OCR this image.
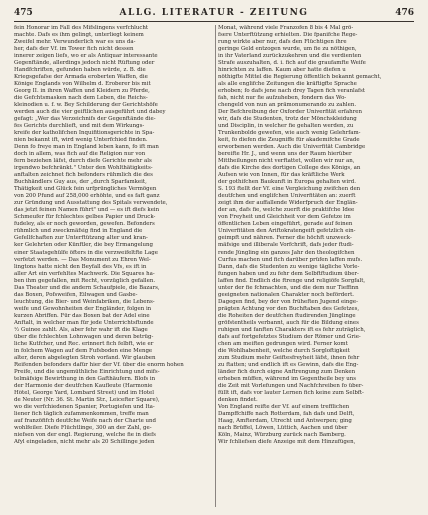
475	ALLG. LITERATUR - ZEITUNG	476
fein Honorar im Fall des Mifslingens verfchlucht
machte. Dafs es ihm gelingt, unterliegt keinem
Zweifel mehr. Verwunderlich war es uns da-
her, dafs der Vf. im Tower fich nicht dessen
innerer zeigen liefs, wo er als Antiquar interessante
Gegenftände, allerdings jedoch nicht Rüftung oder
Handfchriften, gefunden haben würde, z. B. die
Kriegsgefafse der Armada eroberten Waffen, die
Könige Englands von Wilhelm d. Eroberer bis mit
Georg II. in ihren Waffen und Kleidern zu Pferde,
die Gefchtsmasken nach dem Leben, die Reichs-
kleinodien u. f. w. Bey Schilderung der Gerichtshöfe
werden auch die vier geiftlichen ausgeführt und dabey
gefagt: „Wer das Verzeichnifs der Gegenftände die-
fes Gerichts durchlieft, und mit dem Wirkungs-
kreife der katholifchen Inquifitionsgerichte in Spa-
nien bekannt ift, wird wenig Unterfchied finden.
Denn fo freye man in England leben kann, fo ift man
doch in allem, was fich auf die Religion nur von
fern beziehen läfst, durch diefe Gerichte mehr als
irgendwo befchränkt." Unter den Wohlthätigkeits-
anftalten zeichnet fich befonders rühmlich die des
Buchhändlers Guy aus, der „durch Sparfamkeit,
Thätigkeit und Glück fein urfprüngliches Vermögen
von 200 Pfund auf 258,000 erhöhte, und es faft ganz
zur Gründung und Ausstattung des Spitals verwendete,
das jetzt feinen Namen führt" und — es ift diefs kein
Schmeufer für fchlechtes gelbes Papier und Druck-
fudeley, als er noch geworden, gewefen. Befonders
rühmlich und zweckmäfsig find in England die
Gefellfchaften zur Unterftützung alter und kran-
ker Gelehrten oder Künftler, die bey Ermangelung
einer Staatsgehülfe öfters in die verzweifeltfte Lage
verfetzt werden. — Das Monument zu Ehren Wel-
lingtons hatte nicht den Beyfall des Vfs, es ift in
aller Art ein verfehltes Machwerk. Die Squares ha-
ben ihm gegefallen, mit Recht, vorzüglich gefallen.
Das Theater und die andern Schaufpiele, die Bazars,
das Boxen, Pofsweifen, Eilwagen und Gasbe-
leuchtung, die Bier- und Weinfabriken, die Lebens-
weife und Gewohnheiten der Engländer, folgen in
kurzen Abriffen. Für das Boxen bat der Adel eine
Anftalt, in welcher man für jede Unterrichtsftunde
½ Guinee zahlt. Als, aber fehr wahr ift die Klage
über die fchlechten Lohnwagen und deren betrüg-
liche Kutfcher, und Rec. erinnert fich felbft, wie er
in folchem Wagen auf dem Fufsboden eine Menge
alter, deren abgelegten Stroh vorfand. Wir glauben
Reifenden befonders dafür hier der Vf. über die enorm hohen
Preife, und die ungemüthliche Einrichtung und mifs-
telmäfsige Bewirthung in den Gafthäufern. Blofs in
der Harmonie der deutfchen Kaufleute (Harmonie
Hôtel, George Yard, Lombard Street) und im Hotel
de Neuter (Nr. 36. St. Martin Str., Leicefter Square),
wo die verfchiedenen Spanier, Portugiefen und Ita-
liener fich täglich zufammenkommen, treffe man
auf franzöfifch deutfche Weife nach der Charte und
wohlfeiler. Diefe Flüchtlinge, 300 an der Zahl, ge-
niefsen von der engl. Regierung, welche fie in diefs
Afyl eingeladen, nicht mehr als 20 Schillinge jeden
Monat, während viele Franzofen 8 bis 4 Mal grö-
fsere Unterftützung erhielten. Die fpanifche Rege-
rung wirkte aber nur, dafs den Flüchtigen ihre
geringe Geld entzogen wurde, um fie zu nöthigen,
in ihr Vaterland zurückzukehren und die verdienten
Strafe auszuhalten, d. i. fich auf die graufamfte Weife
hinrichten zu laffen. Kaum aber hatte diefen u
nöthigfte Mittel die Regierung öffentlich bekannt gemacht,
als alle englifche Zeitungen die kräftigfte Sprache
erhoben; fo dafs jene nach drey Tagen fich veranlafst
fah, nicht nur fie aufzuheben, fondern das Wo-
chengeld von nun an prämonumerando zu zahlen.
Der Befchreibung der Oxforder Univerfität erfahren
wir, dafs die Studenten, trotz der Mönchskleidung
und Disciplin, in welcher fie gehalten werden, zu
Trunkenbolde gewefen, wie auch wenig Gelehrfam-
keit, fo diefen die Zeugniffe für akademifche Grade
erworbenen werden. Auch die Univerfität Cambridge
bereifte Hr. J., und wenn uns der Raum hierüber
Mittheilungen nicht verftattet, wollen wir nur an,
dafs die Kirche des dortigen College des Königs, an
Aufsen wie von Innen, für das kräftliche Werk
der gothifchen Baukunft in Europa gehalten wird.
S. 193 ftellt der Vf. eine Vergleichung zwifchen den
deutfchen und englifchen Univerfitäten an: zuerft
zeigt ihm der auffallende Widerfpruch der Englän-
der an, dafs fie, welche zuerft die praktifche Idee
von Freyheit und Gleichheit vor dem Gefetze im
öffentlichen Leben eingeführt, gerade auf feinen
Univerfitäten den Ariftokratengeift gefetzlich ein-
geimpft und nähren. Ferner die höchft unzweck-
mäfsige und illiberale Vorfchrift, dafs jeder ftudi-
rende Jüngling ein ganzes Jahr den theologifchen
Curfus machen und fich darüber prüfen laffen mufs.
Dann, dafs die Studenten zu wenige tägliche Vorle-
fungen haben und zu fehr dem Selbftftudium über-
laffen find. Endlich die ftrenge und religiöfe Sorgfalt,
unter der fie fchmachten, und die dem nur Tieffinn
geeigneten nationalen Charakter noch befördert.
Dagegen find, bey der von früheften Jugend einge-
prägten Achtung vor den Buchftaben des Gefetzes,
die Roheiten der deutfchen ftudirenden Jünglinge
gröfstentheils verbannt, auch für die Bildung eines
ruhigen und fanften Charakters ift es fehr zuträglich,
dafs auf fortgefetztes Studium der Römer und Grie-
chen am meiften gedrungen wird. Ferner komt
die Wohlhabenheit, welche durch Sorgloftigkeit
zum Studium mehr Geiftesfreyheit läfst, ihnen fehr
zu ftatten; und endlich ift es Gewinn, dafs die Eng-
länder fich durch eigne Anftrengung zum Denken
erheben müffen, während im Gegentheile bey uns
die Zeit mit Vorlefungen und Nachfchreiben fo über-
füllt ift, dafs vor lauter Lernen fich keine zum Selbft-
denken findet.
Von England reifte der Vf. auf einem trefflichen
Dampffchiffe nach Rotterdam, fah dafs und Delft,
Haag, Amfterdam, Utrecht und Antwerpen; ging
nach Brüffel, Löwen, Lüttich, Aachen und über
Köln, Mainz, Würzburg zurück nach Bamberg.
Wir fchliefsen diefe Anzeige mit dem Hinzufügen,
